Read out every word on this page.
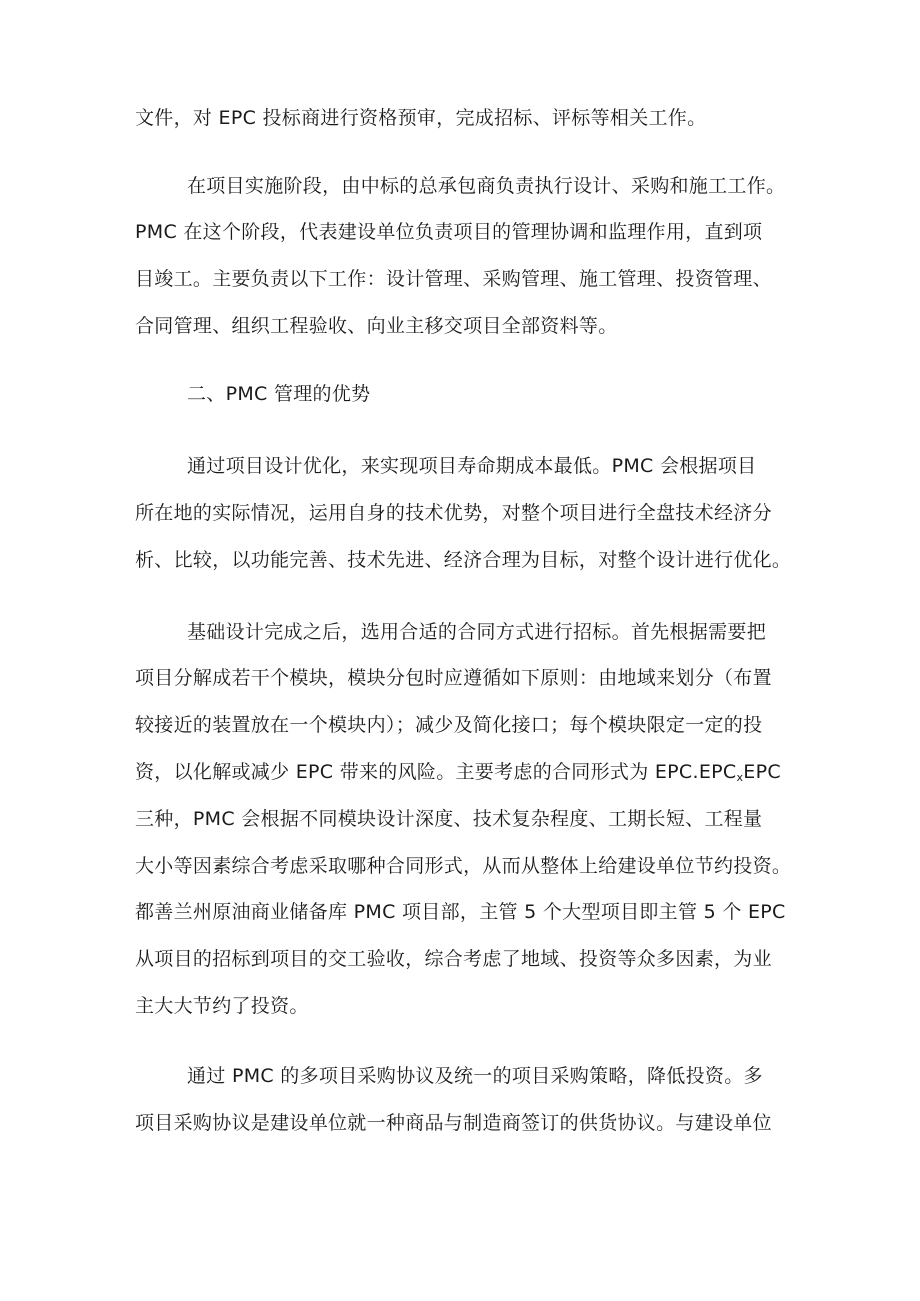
文件，对 EPC 投标商进行资格预审，完成招标、评标等相关工作。
在项目实施阶段，由中标的总承包商负责执行设计、采购和施工工作。
PMC 在这个阶段，代表建设单位负责项目的管理协调和监理作用，直到项
目竣工。主要负责以下工作：设计管理、采购管理、施工管理、投资管理、
合同管理、组织工程验收、向业主移交项目全部资料等。
二、PMC 管理的优势
通过项目设计优化，来实现项目寿命期成本最低。PMC 会根据项目
所在地的实际情况，运用自身的技术优势，对整个项目进行全盘技术经济分
析、比较，以功能完善、技术先进、经济合理为目标，对整个设计进行优化。
基础设计完成之后，选用合适的合同方式进行招标。首先根据需要把
项目分解成若干个模块，模块分包时应遵循如下原则：由地域来划分（布置
较接近的装置放在一个模块内）；减少及简化接口；每个模块限定一定的投
资，以化解或减少 EPC 带来的风险。主要考虑的合同形式为 $EPC.EPC_xEPC$
三种，PMC 会根据不同模块设计深度、技术复杂程度、工期长短、工程量
大小等因素综合考虑采取哪种合同形式，从而从整体上给建设单位节约投资。
都善兰州原油商业储备库 PMC 项目部，主管 5 个大型项目即主管 5 个 EPC
从项目的招标到项目的交工验收，综合考虑了地域、投资等众多因素，为业
主大大节约了投资。
通过 PMC 的多项目采购协议及统一的项目采购策略，降低投资。多
项目采购协议是建设单位就一种商品与制造商签订的供货协议。与建设单位
